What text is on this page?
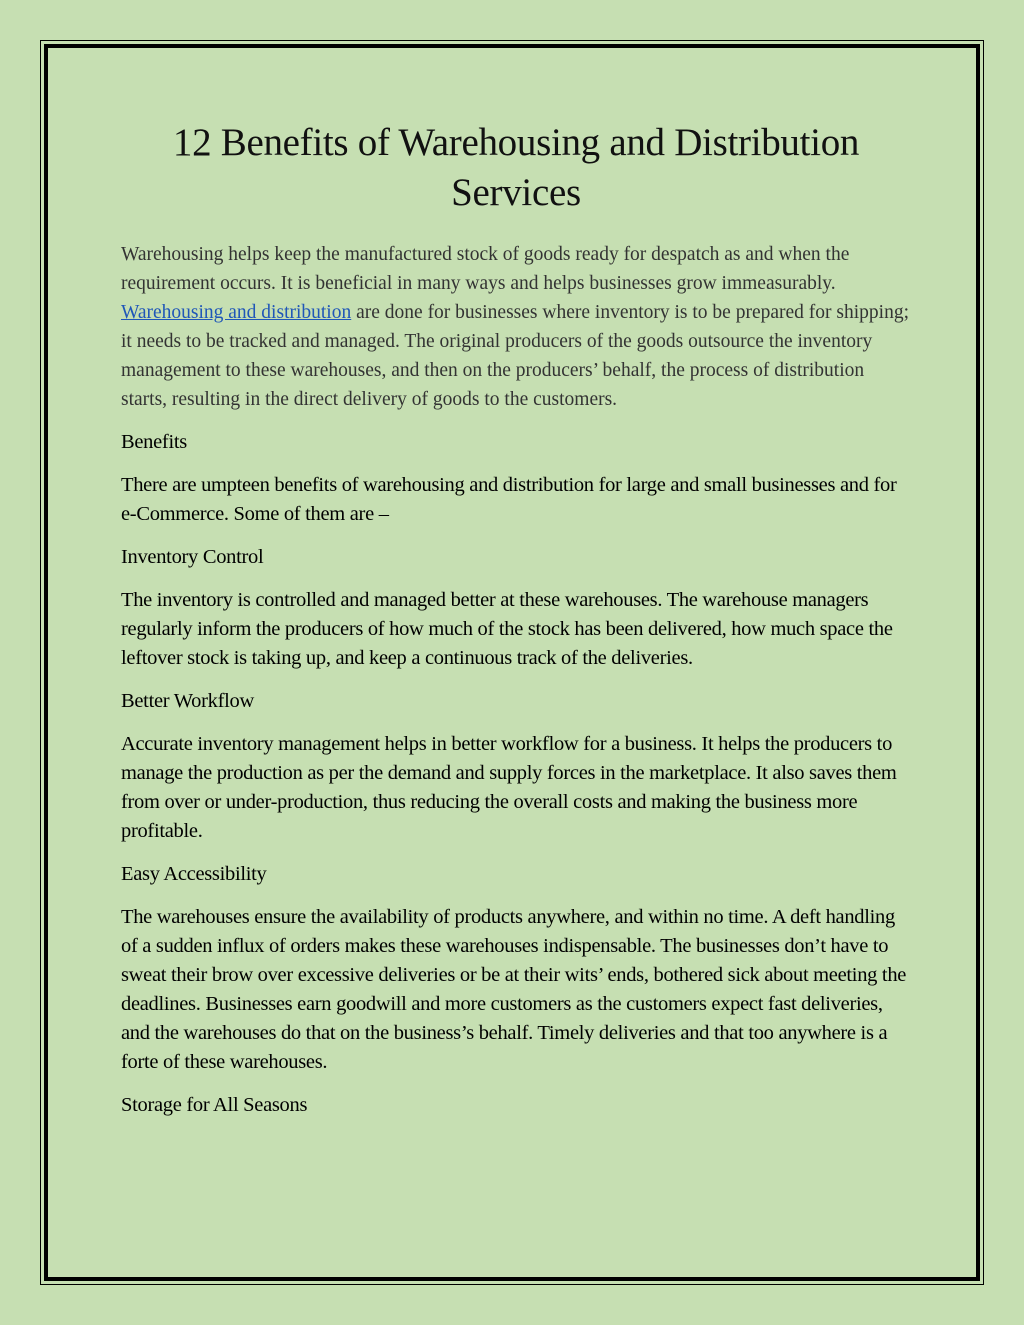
12 Benefits of Warehousing and Distribution
Services

Warehousing helps keep the manufactured stock of goods ready for despatch as and when the requirement occurs. It is beneficial in many ways and helps businesses grow immeasurably. Warehousing and distribution are done for businesses where inventory is to be prepared for shipping; it needs to be tracked and managed. The original producers of the goods outsource the inventory management to these warehouses, and then on the producers’ behalf, the process of distribution starts, resulting in the direct delivery of goods to the customers.

Benefits

There are umpteen benefits of warehousing and distribution for large and small businesses and for e-Commerce. Some of them are –

Inventory Control

The inventory is controlled and managed better at these warehouses. The warehouse managers regularly inform the producers of how much of the stock has been delivered, how much space the leftover stock is taking up, and keep a continuous track of the deliveries.

Better Workflow

Accurate inventory management helps in better workflow for a business. It helps the producers to manage the production as per the demand and supply forces in the marketplace. It also saves them from over or under-production, thus reducing the overall costs and making the business more profitable.

Easy Accessibility

The warehouses ensure the availability of products anywhere, and within no time. A deft handling of a sudden influx of orders makes these warehouses indispensable. The businesses don’t have to sweat their brow over excessive deliveries or be at their wits’ ends, bothered sick about meeting the deadlines. Businesses earn goodwill and more customers as the customers expect fast deliveries, and the warehouses do that on the business’s behalf. Timely deliveries and that too anywhere is a forte of these warehouses.

Storage for All Seasons
